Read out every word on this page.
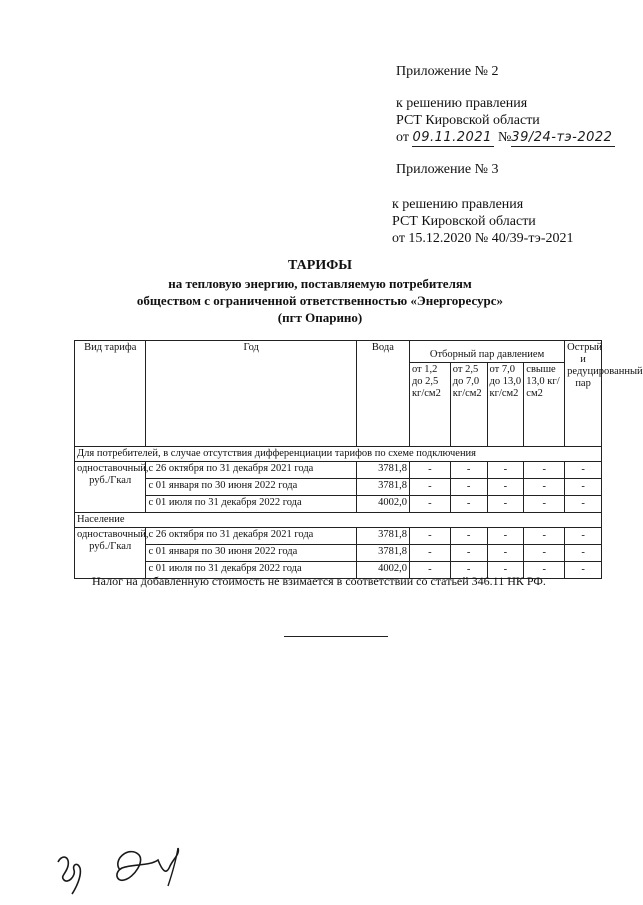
Приложение № 2
к решению правления
РСТ Кировской области
от 09.11.2021 №39/24-тэ-2022
Приложение № 3
к решению правления
РСТ Кировской области
от 15.12.2020 № 40/39-тэ-2021
ТАРИФЫ
на тепловую энергию, поставляемую потребителям
обществом с ограниченной ответственностью «Энергоресурс»
(пгт Опарино)
Вид тарифа	Год	Вода	Отборный пар давлением				Острый и редуцированный пар
			от 1,2 до 2,5 кг/см2	от 2,5 до 7,0 кг/см2	от 7,0 до 13,0 кг/см2	свыше 13,0 кг/см2	
Для потребителей, в случае отсутствия дифференциации тарифов по схеме подключения							
одноставочный, руб./Гкал	с 26 октября по 31 декабря 2021 года	3781,8	-	-	-	-	-
	с 01 января по 30 июня 2022 года	3781,8	-	-	-	-	-
	с 01 июля по 31 декабря 2022 года	4002,0	-	-	-	-	-
Население							
одноставочный, руб./Гкал	с 26 октября по 31 декабря 2021 года	3781,8	-	-	-	-	-
	с 01 января по 30 июня 2022 года	3781,8	-	-	-	-	-
	с 01 июля по 31 декабря 2022 года	4002,0	-	-	-	-	-
Налог на добавленную стоимость не взимается в соответствии со статьей 346.11 НК РФ.
